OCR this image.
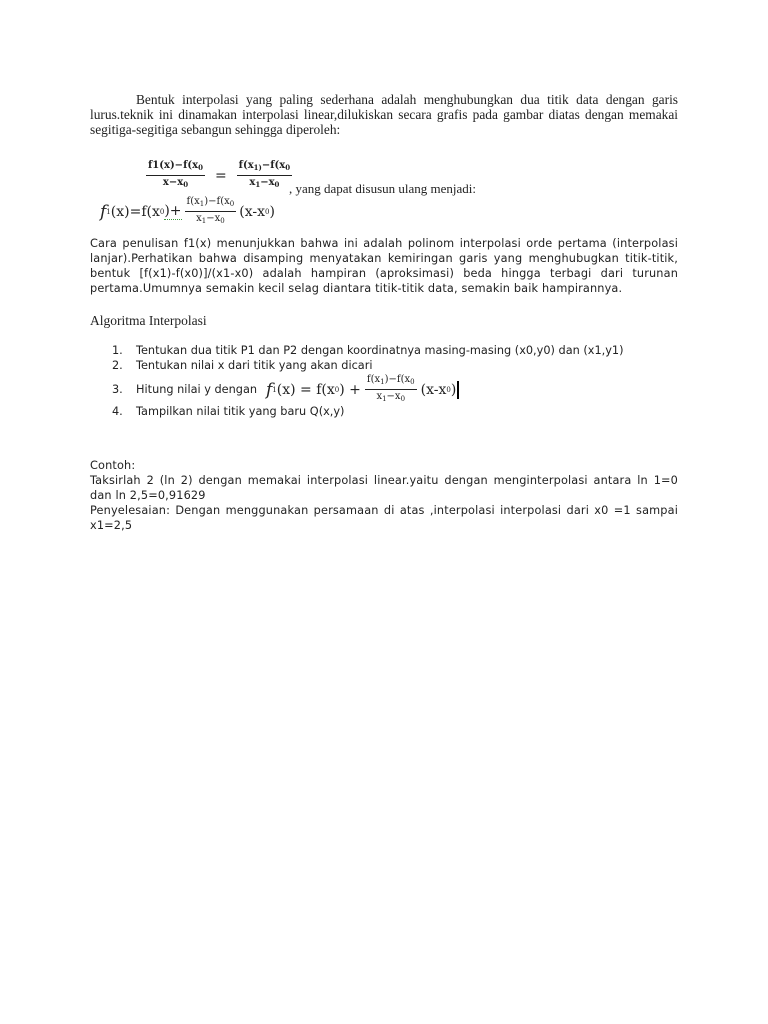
Bentuk interpolasi yang paling sederhana adalah menghubungkan dua titik data dengan garis lurus.teknik ini dinamakan interpolasi linear,dilukiskan secara grafis pada gambar diatas dengan memakai segitiga-segitiga sebangun sehingga diperoleh:
$\frac{f1(x)-f(x_0}{x-x_0} = \frac{f(x_{1)}-f(x_0}{x_1-x_0}$
, yang dapat disusun ulang menjadi:
f 1 (x)=f(x 0 )+ $\frac{f(x_1)-f(x_0}{x_1-x_0} (x-x$ 0 )
Cara penulisan f1(x) menunjukkan bahwa ini adalah polinom interpolasi orde pertama (interpolasi lanjar).Perhatikan bahwa disamping menyatakan kemiringan garis yang menghubugkan titik-titik, bentuk [f(x1)-f(x0)]/(x1-x0) adalah hampiran (aproksimasi) beda hingga terbagi dari turunan pertama.Umumnya semakin kecil selag diantara titik-titik data, semakin baik hampirannya.
Algoritma Interpolasi
1. Tentukan dua titik P1 dan P2 dengan koordinatnya masing-masing (x0,y0) dan (x1,y1)
2. Tentukan nilai x dari titik yang akan dicari
3. Hitung nilai y dengan
4. Tampilkan nilai titik yang baru Q(x,y)
f 1 (x) = f(x 0 ) + $\frac{f(x_1)-f(x_0}{x_1-x_0} (x-x$ 0 )
Contoh:
Taksirlah 2 (ln 2) dengan memakai interpolasi linear.yaitu dengan menginterpolasi antara ln 1=0 dan ln 2,5=0,91629
Penyelesaian: Dengan menggunakan persamaan di atas ,interpolasi interpolasi dari x0 =1 sampai x1=2,5
